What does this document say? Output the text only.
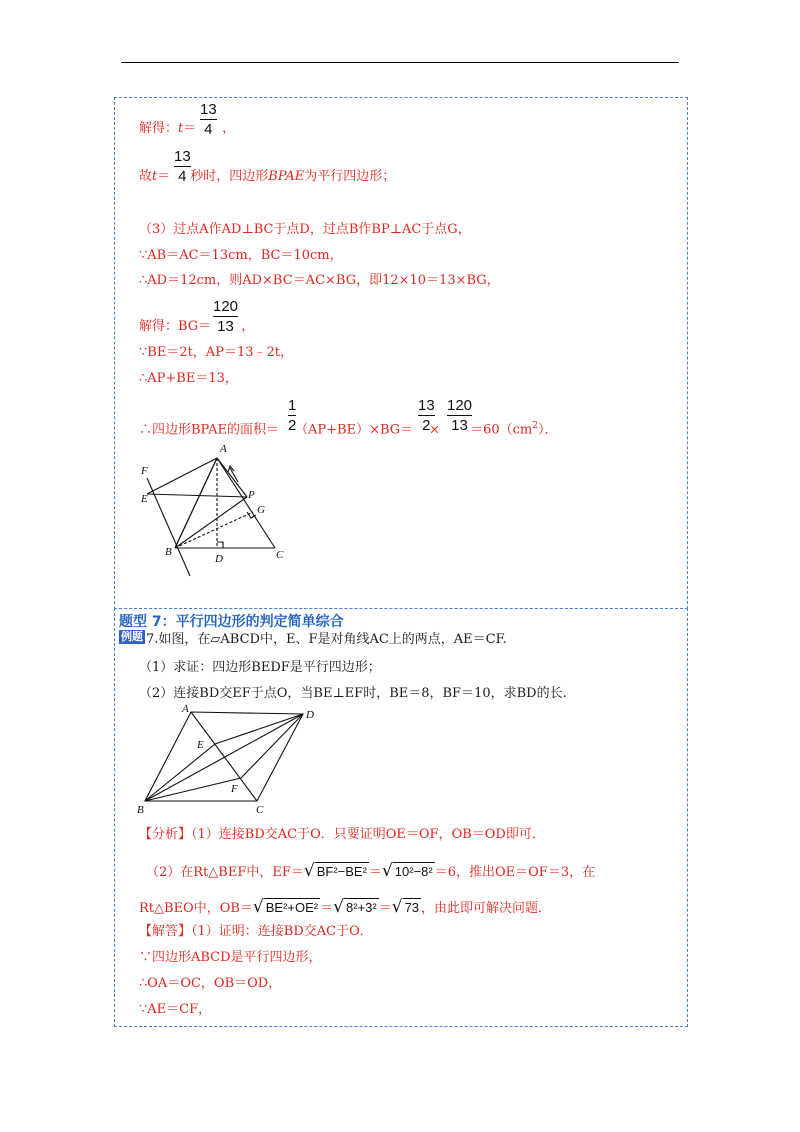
解得：t＝ ，
13
4
故t＝ 秒时，四边形BPAE为平行四边形；
13
4
（3）过点A作AD⊥BC于点D，过点B作BP⊥AC于点G，
∵AB＝AC＝13cm，BC＝10cm，
∴AD＝12cm，则AD×BC＝AC×BG，即12×10＝13×BG，
解得：BG＝ ，
120
13
∵BE＝2t，AP＝13﹣2t，
∴AP+BE＝13，
∴四边形BPAE的面积＝ $(AP+BE)\times BG= \times =60(cm^2)$．
1
2
13
2
120
13
A
F
E	P
G
B
D	C
题型 7：平行四边形的判定简单综合
例题 7.如图，在▱ABCD中，E、F是对角线AC上的两点，AE＝CF.
（1）求证：四边形BEDF是平行四边形；
（2）连接BD交EF于点O，当BE⊥EF时，BE＝8，BF＝10，求BD的长.
A	D
E
F
B	C
【分析】（1）连接BD交AC于O．只要证明OE＝OF，OB＝OD即可．
（2）在Rt△BEF中，EF＝√ BF²−BE² ＝√ 10²−8² ＝6，推出OE＝OF＝3，在
Rt△BEO中，OB＝√ BE²+OE² ＝√ 8²+3² ＝√ 73 ，由此即可解决问题．
【解答】（1）证明：连接BD交AC于O．
∵四边形ABCD是平行四边形，
∴OA＝OC，OB＝OD，
∵AE＝CF，
